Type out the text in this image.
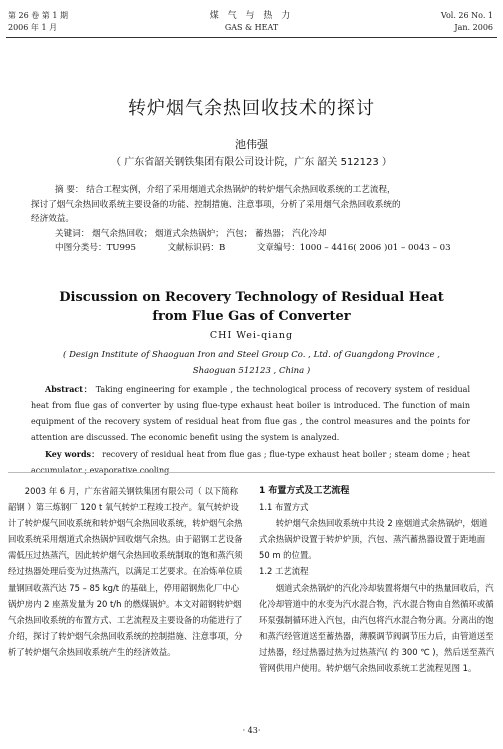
第 26 卷 第 1 期
2006 年 1 月
煤 气 与 热 力
GAS & HEAT
Vol. 26 No. 1
Jan. 2006
转炉烟气余热回收技术的探讨
池伟强
（ 广东省韶关钢铁集团有限公司设计院，广东 韶关 512123 ）

摘 要： 结合工程实例，介绍了采用烟道式余热锅炉的转炉烟气余热回收系统的工艺流程，

探讨了烟气余热回收系统主要设备的功能、控制措施、注意事项，分析了采用烟气余热回收系统的

经济效益。

关键词： 烟气余热回收； 烟道式余热锅炉； 汽包； 蓄热器； 汽化冷却

中图分类号：TU995	文献标识码：B	文章编号：1000 – 4416( 2006 )01 – 0043 – 03

Discussion on Recovery Technology of Residual Heat from Flue Gas of Converter
CHI Wei-qiang
( Design Institute of Shaoguan Iron and Steel Group Co. , Ltd. of Guangdong Province ,
Shaoguan 512123 , China )

Abstract： Taking engineering for example , the technological process of recovery system of residual heat from flue gas of converter by using flue-type exhaust heat boiler is introduced. The function of main equipment of the recovery system of residual heat from flue gas , the control measures and the points for attention are discussed. The economic benefit using the system is analyzed.

Key words： recovery of residual heat from flue gas ; flue-type exhaust heat boiler ; steam dome ; heat accumulator ; evaporative cooling

2003 年 6 月，广东省韶关钢铁集团有限公司（ 以下简称韶钢 ）第三炼钢厂 120 t 氧气转炉工程竣工投产。氧气转炉设计了转炉煤气回收系统和转炉烟气余热回收系统，转炉烟气余热回收系统采用烟道式余热锅炉回收烟气余热。由于韶钢工艺设备需低压过热蒸汽，因此转炉烟气余热回收系统制取的饱和蒸汽须经过热器处理后变为过热蒸汽，以满足工艺要求。在冶炼单位质量钢回收蒸汽达 75 – 85 kg/t 的基础上，停用韶钢焦化厂中心锅炉房内 2 座蒸发量为 20 t/h 的燃煤锅炉。本文对韶钢转炉烟气余热回收系统的布置方式、工艺流程及主要设备的功能进行了介绍，探讨了转炉烟气余热回收系统的控制措施、注意事项，分析了转炉烟气余热回收系统产生的经济效益。

1 布置方式及工艺流程

1.1 布置方式

转炉烟气余热回收系统中共设 2 座烟道式余热锅炉，烟道式余热锅炉设置于转炉炉顶，汽包、蒸汽蓄热器设置于距地面 50 m 的位置。

1.2 工艺流程

烟道式余热锅炉的汽化冷却装置将烟气中的热量回收后，汽化冷却管道中的水变为汽水混合物，汽水混合物由自然循环或循环泵强制循环进入汽包，由汽包将汽水混合物分离。分离出的饱和蒸汽经管道送至蓄热器，薄膜调节阀调节压力后，由管道送至过热器，经过热器过热为过热蒸汽( 约 300 ℃ )，然后送至蒸汽管网供用户使用。转炉烟气余热回收系统工艺流程见图 1。

· 43·
